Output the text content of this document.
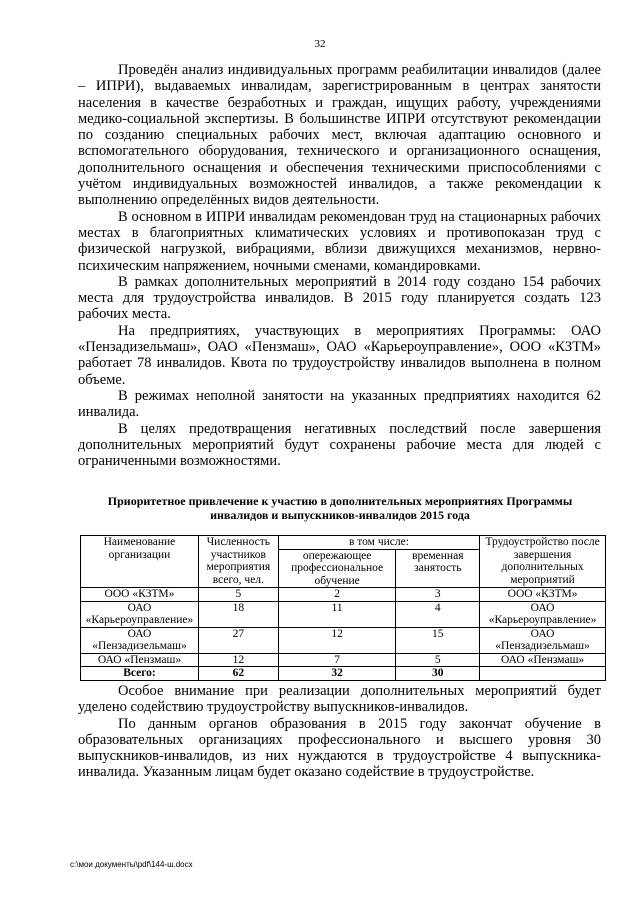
32

Проведён анализ индивидуальных программ реабилитации инвалидов (далее – ИПРИ), выдаваемых инвалидам, зарегистрированным в центрах занятости населения в качестве безработных и граждан, ищущих работу, учреждениями медико-социальной экспертизы. В большинстве ИПРИ отсутствуют рекомендации по созданию специальных рабочих мест, включая адаптацию основного и вспомогательного оборудования, технического и организационного оснащения, дополнительного оснащения и обеспечения техническими приспособлениями с учётом индивидуальных возможностей инвалидов, а также рекомендации к выполнению определённых видов деятельности.

В основном в ИПРИ инвалидам рекомендован труд на стационарных рабочих местах в благоприятных климатических условиях и противопоказан труд с физической нагрузкой, вибрациями, вблизи движущихся механизмов, нервно-психическим напряжением, ночными сменами, командировками.

В рамках дополнительных мероприятий в 2014 году создано 154 рабочих места для трудоустройства инвалидов. В 2015 году планируется создать 123 рабочих места.

На предприятиях, участвующих в мероприятиях Программы: ОАО «Пензадизельмаш», ОАО «Пензмаш», ОАО «Карьероуправление», ООО «КЗТМ» работает 78 инвалидов. Квота по трудоустройству инвалидов выполнена в полном объеме.

В режимах неполной занятости на указанных предприятиях находится 62 инвалида.

В целях предотвращения негативных последствий после завершения дополнительных мероприятий будут сохранены рабочие места для людей с ограниченными возможностями.

Приоритетное привлечение к участию в дополнительных мероприятиях Программы
инвалидов и выпускников-инвалидов 2015 года
Наименование организации	Численность участников мероприятия всего, чел.	в том числе:		Трудоустройство после завершения дополнительных мероприятий
		опережающее профессиональное обучение	временная занятость	
ООО «КЗТМ»	5	2	3	ООО «КЗТМ»
ОАО «Карьероуправление»	18	11	4	ОАО «Карьероуправление»
ОАО «Пензадизельмаш»	27	12	15	ОАО «Пензадизельмаш»
ОАО «Пензмаш»	12	7	5	ОАО «Пензмаш»
Всего:	62	32	30	

Особое внимание при реализации дополнительных мероприятий будет уделено содействию трудоустройству выпускников-инвалидов.

По данным органов образования в 2015 году закончат обучение в образовательных организациях профессионального и высшего уровня 30 выпускников-инвалидов, из них нуждаются в трудоустройстве 4 выпускника-инвалида. Указанным лицам будет оказано содействие в трудоустройстве.

c:\мои документы\pdf\144-ш.docx
